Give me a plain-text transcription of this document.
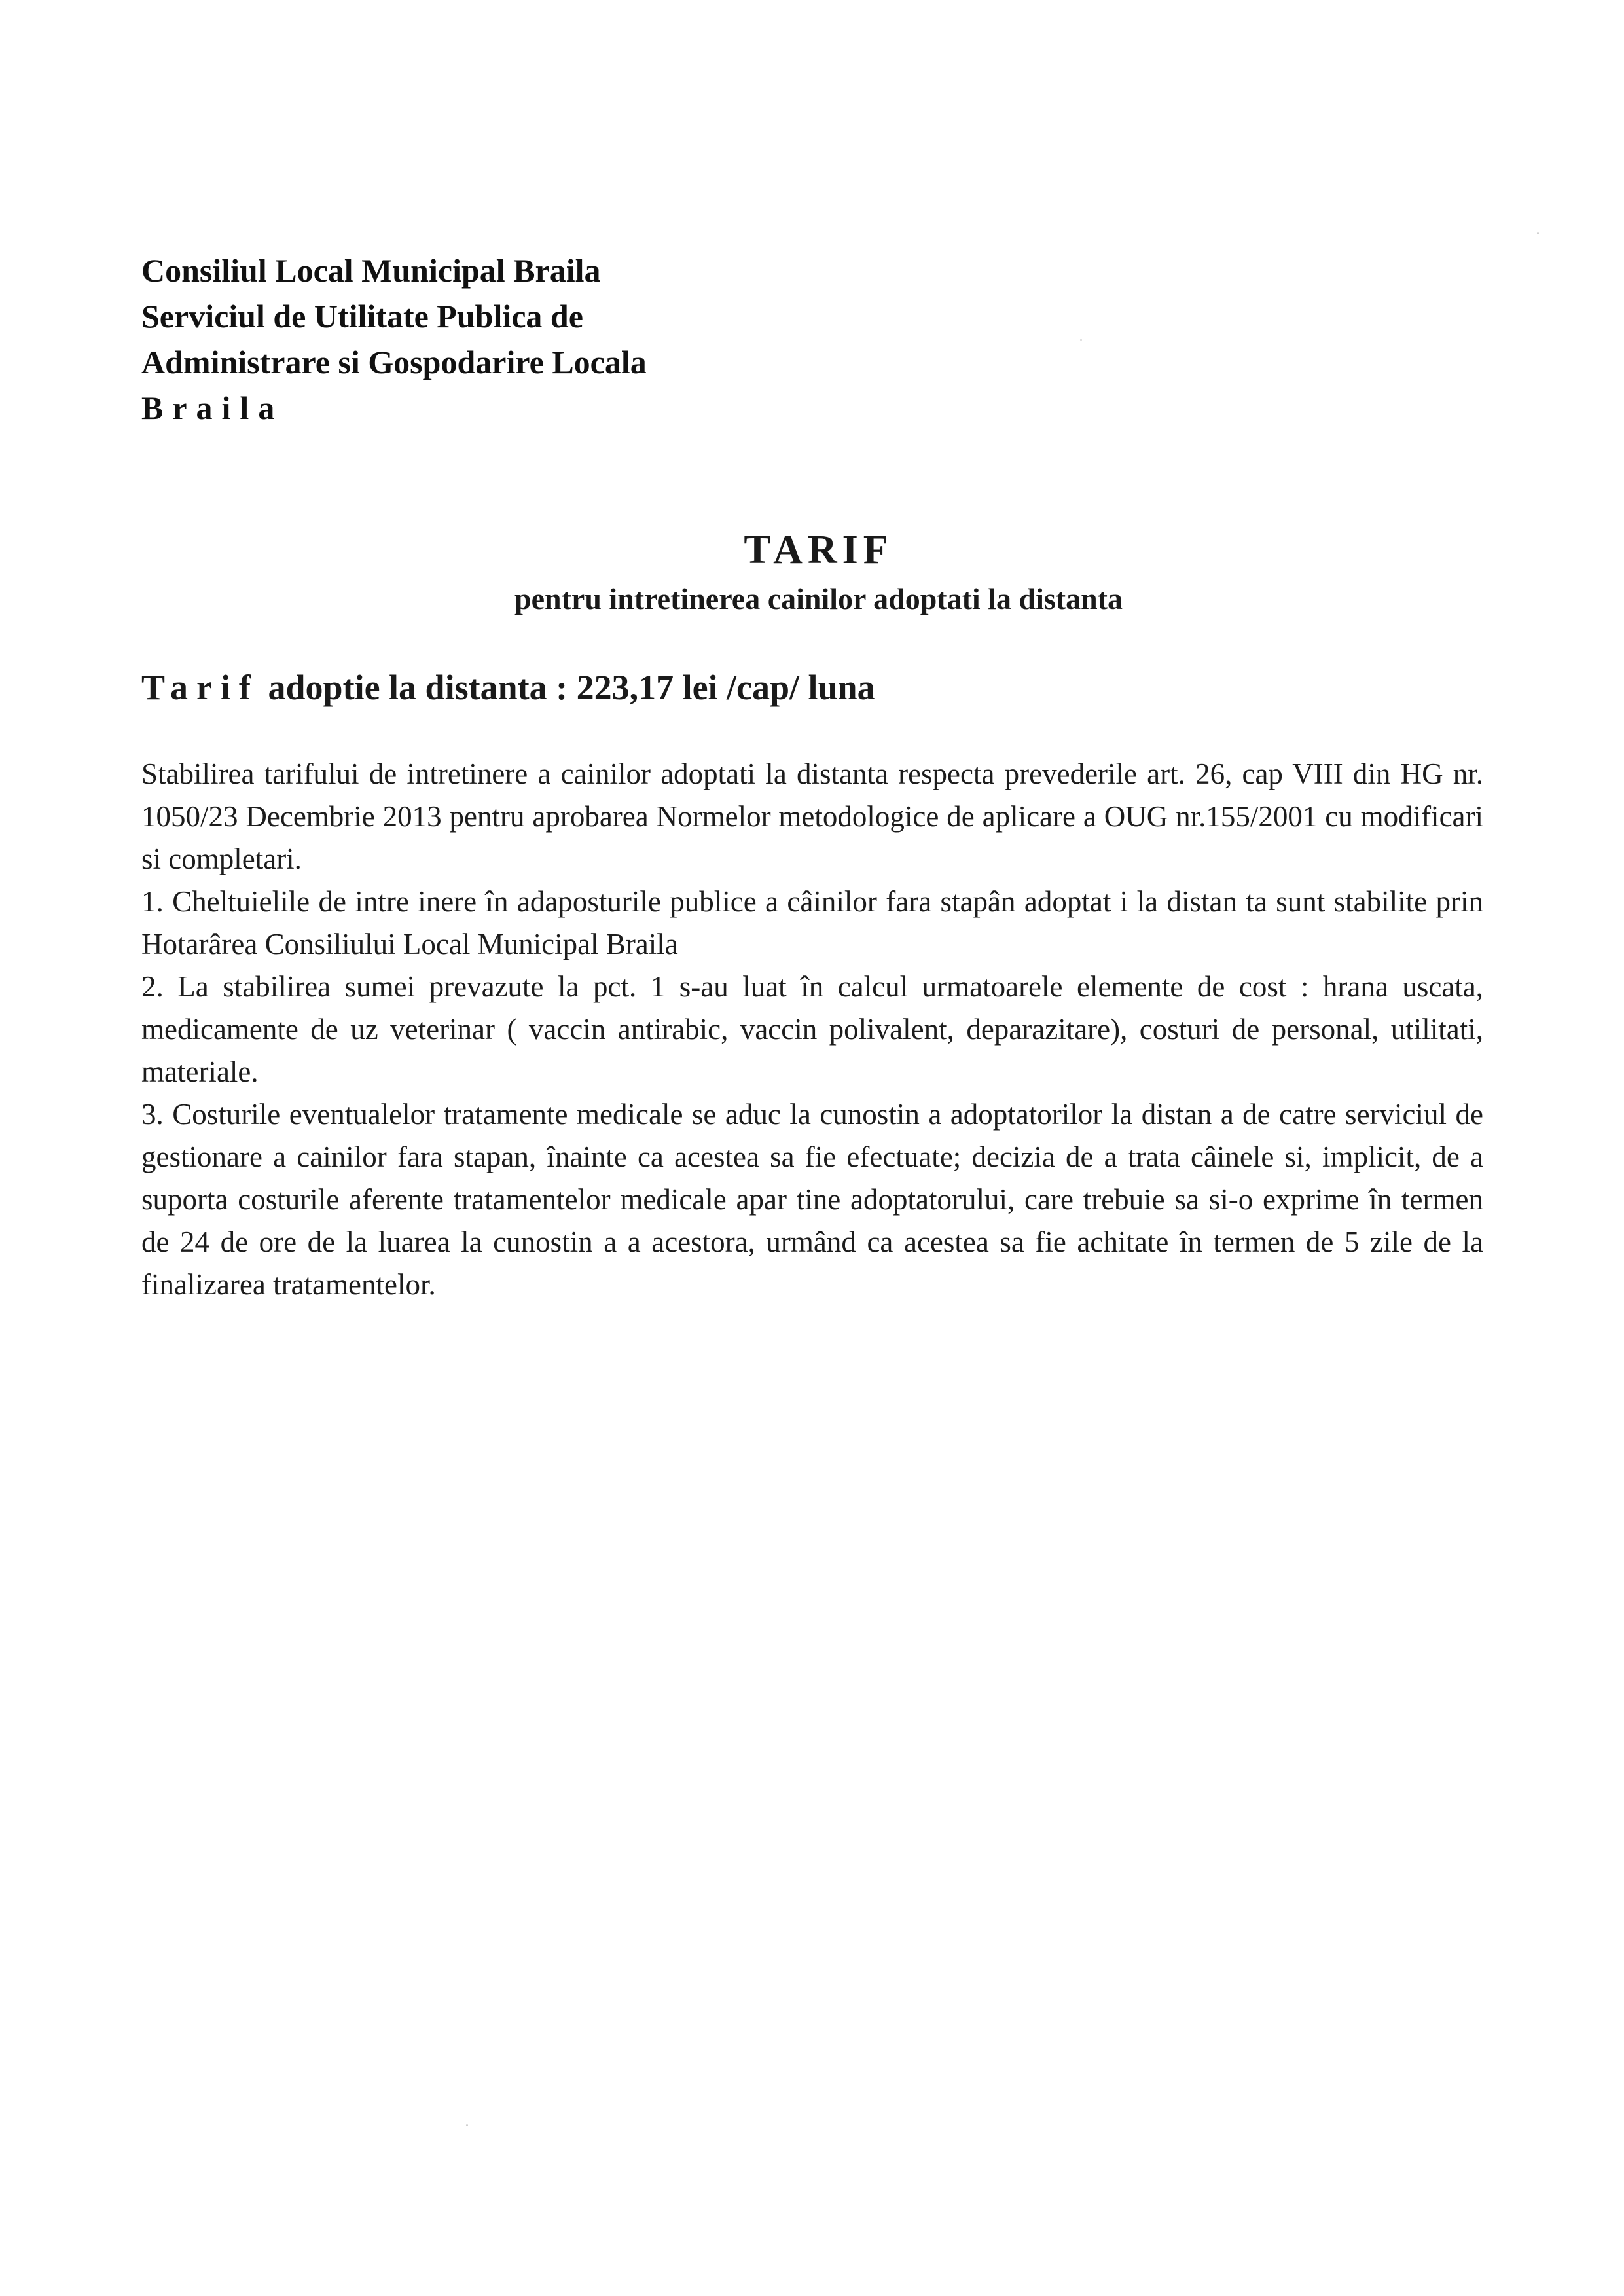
Consiliul Local Municipal Braila
Serviciul de Utilitate Publica de
Administrare si Gospodarire Locala
Braila
TARIF
pentru intretinerea cainilor adoptati la distanta
Tarif adoptie la distanta : 223,17 lei /cap/ luna

Stabilirea tarifului de intretinere a cainilor adoptati la distanta respecta prevederile art. 26, cap VIII din HG nr. 1050/23 Decembrie 2013 pentru aprobarea Normelor metodologice de aplicare a OUG nr.155/2001 cu modificari si completari.

1. Cheltuielile de intre inere în adaposturile publice a câinilor fara stapân adoptat i la distan ta sunt stabilite prin Hotarârea Consiliului Local Municipal Braila

2. La stabilirea sumei prevazute la pct. 1 s-au luat în calcul urmatoarele elemente de cost : hrana uscata, medicamente de uz veterinar ( vaccin antirabic, vaccin polivalent, deparazitare), costuri de personal, utilitati, materiale.

3. Costurile eventualelor tratamente medicale se aduc la cunostin a adoptatorilor la distan a de catre serviciul de gestionare a cainilor fara stapan, înainte ca acestea sa fie efectuate; decizia de a trata câinele si, implicit, de a suporta costurile aferente tratamentelor medicale apar tine adoptatorului, care trebuie sa si-o exprime în termen de 24 de ore de la luarea la cunostin a a acestora, urmând ca acestea sa fie achitate în termen de 5 zile de la finalizarea tratamentelor.
